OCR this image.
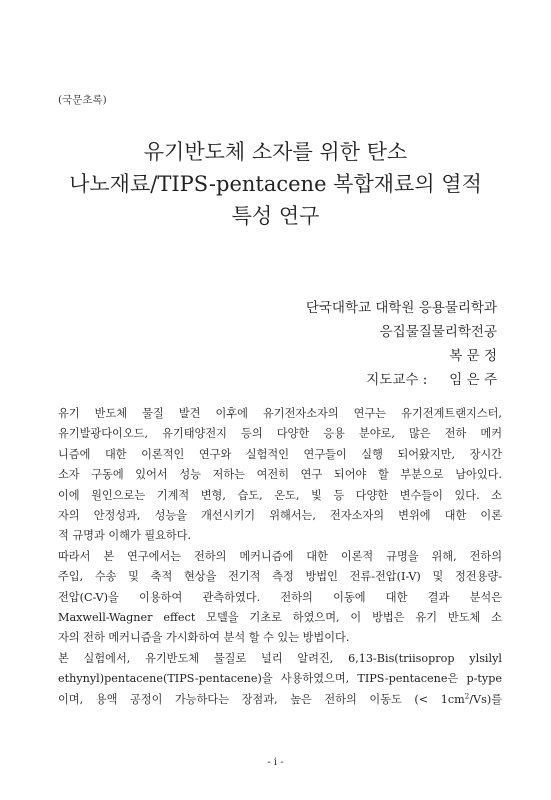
(국문초록)
유기반도체 소자를 위한 탄소
나노재료/TIPS-pentacene 복합재료의 열적
특성 연구
단국대학교 대학원 응용물리학과
응집물질물리학전공
복 문 정
지도교수 : 임 은 주
유기 반도체 물질 발견 이후에 유기전자소자의 연구는 유기전계트랜지스터,
유기발광다이오드, 유기태양전지 등의 다양한 응용 분야로, 많은 전하 메커
니즘에 대한 이론적인 연구와 실험적인 연구들이 실행 되어왔지만, 장시간
소자 구동에 있어서 성능 저하는 여전히 연구 되어야 할 부분으로 남아있다.
이에 원인으로는 기계적 변형, 습도, 온도, 빛 등 다양한 변수들이 있다. 소
자의 안정성과, 성능을 개선시키기 위해서는, 전자소자의 변위에 대한 이론
적 규명과 이해가 필요하다.
따라서 본 연구에서는 전하의 메커니즘에 대한 이론적 규명을 위해, 전하의
주입, 수송 및 축적 현상을 전기적 측정 방법인 전류-전압(I-V) 및 정전용량-
전압(C-V)을 이용하여 관측하였다. 전하의 이동에 대한 결과 분석은
Maxwell-Wagner effect 모델을 기초로 하였으며, 이 방법은 유기 반도체 소
자의 전하 메커니즘을 가시화하여 분석 할 수 있는 방법이다.
본 실험에서, 유기반도체 물질로 널리 알려진, 6,13-Bis(triisoprop ylsilyl
ethynyl)pentacene(TIPS-pentacene)을 사용하였으며, TIPS-pentacene은 p-type
이며, 용액 공정이 가능하다는 장점과, 높은 전하의 이동도 (< $1cm^2/Vs$)를
- i -
